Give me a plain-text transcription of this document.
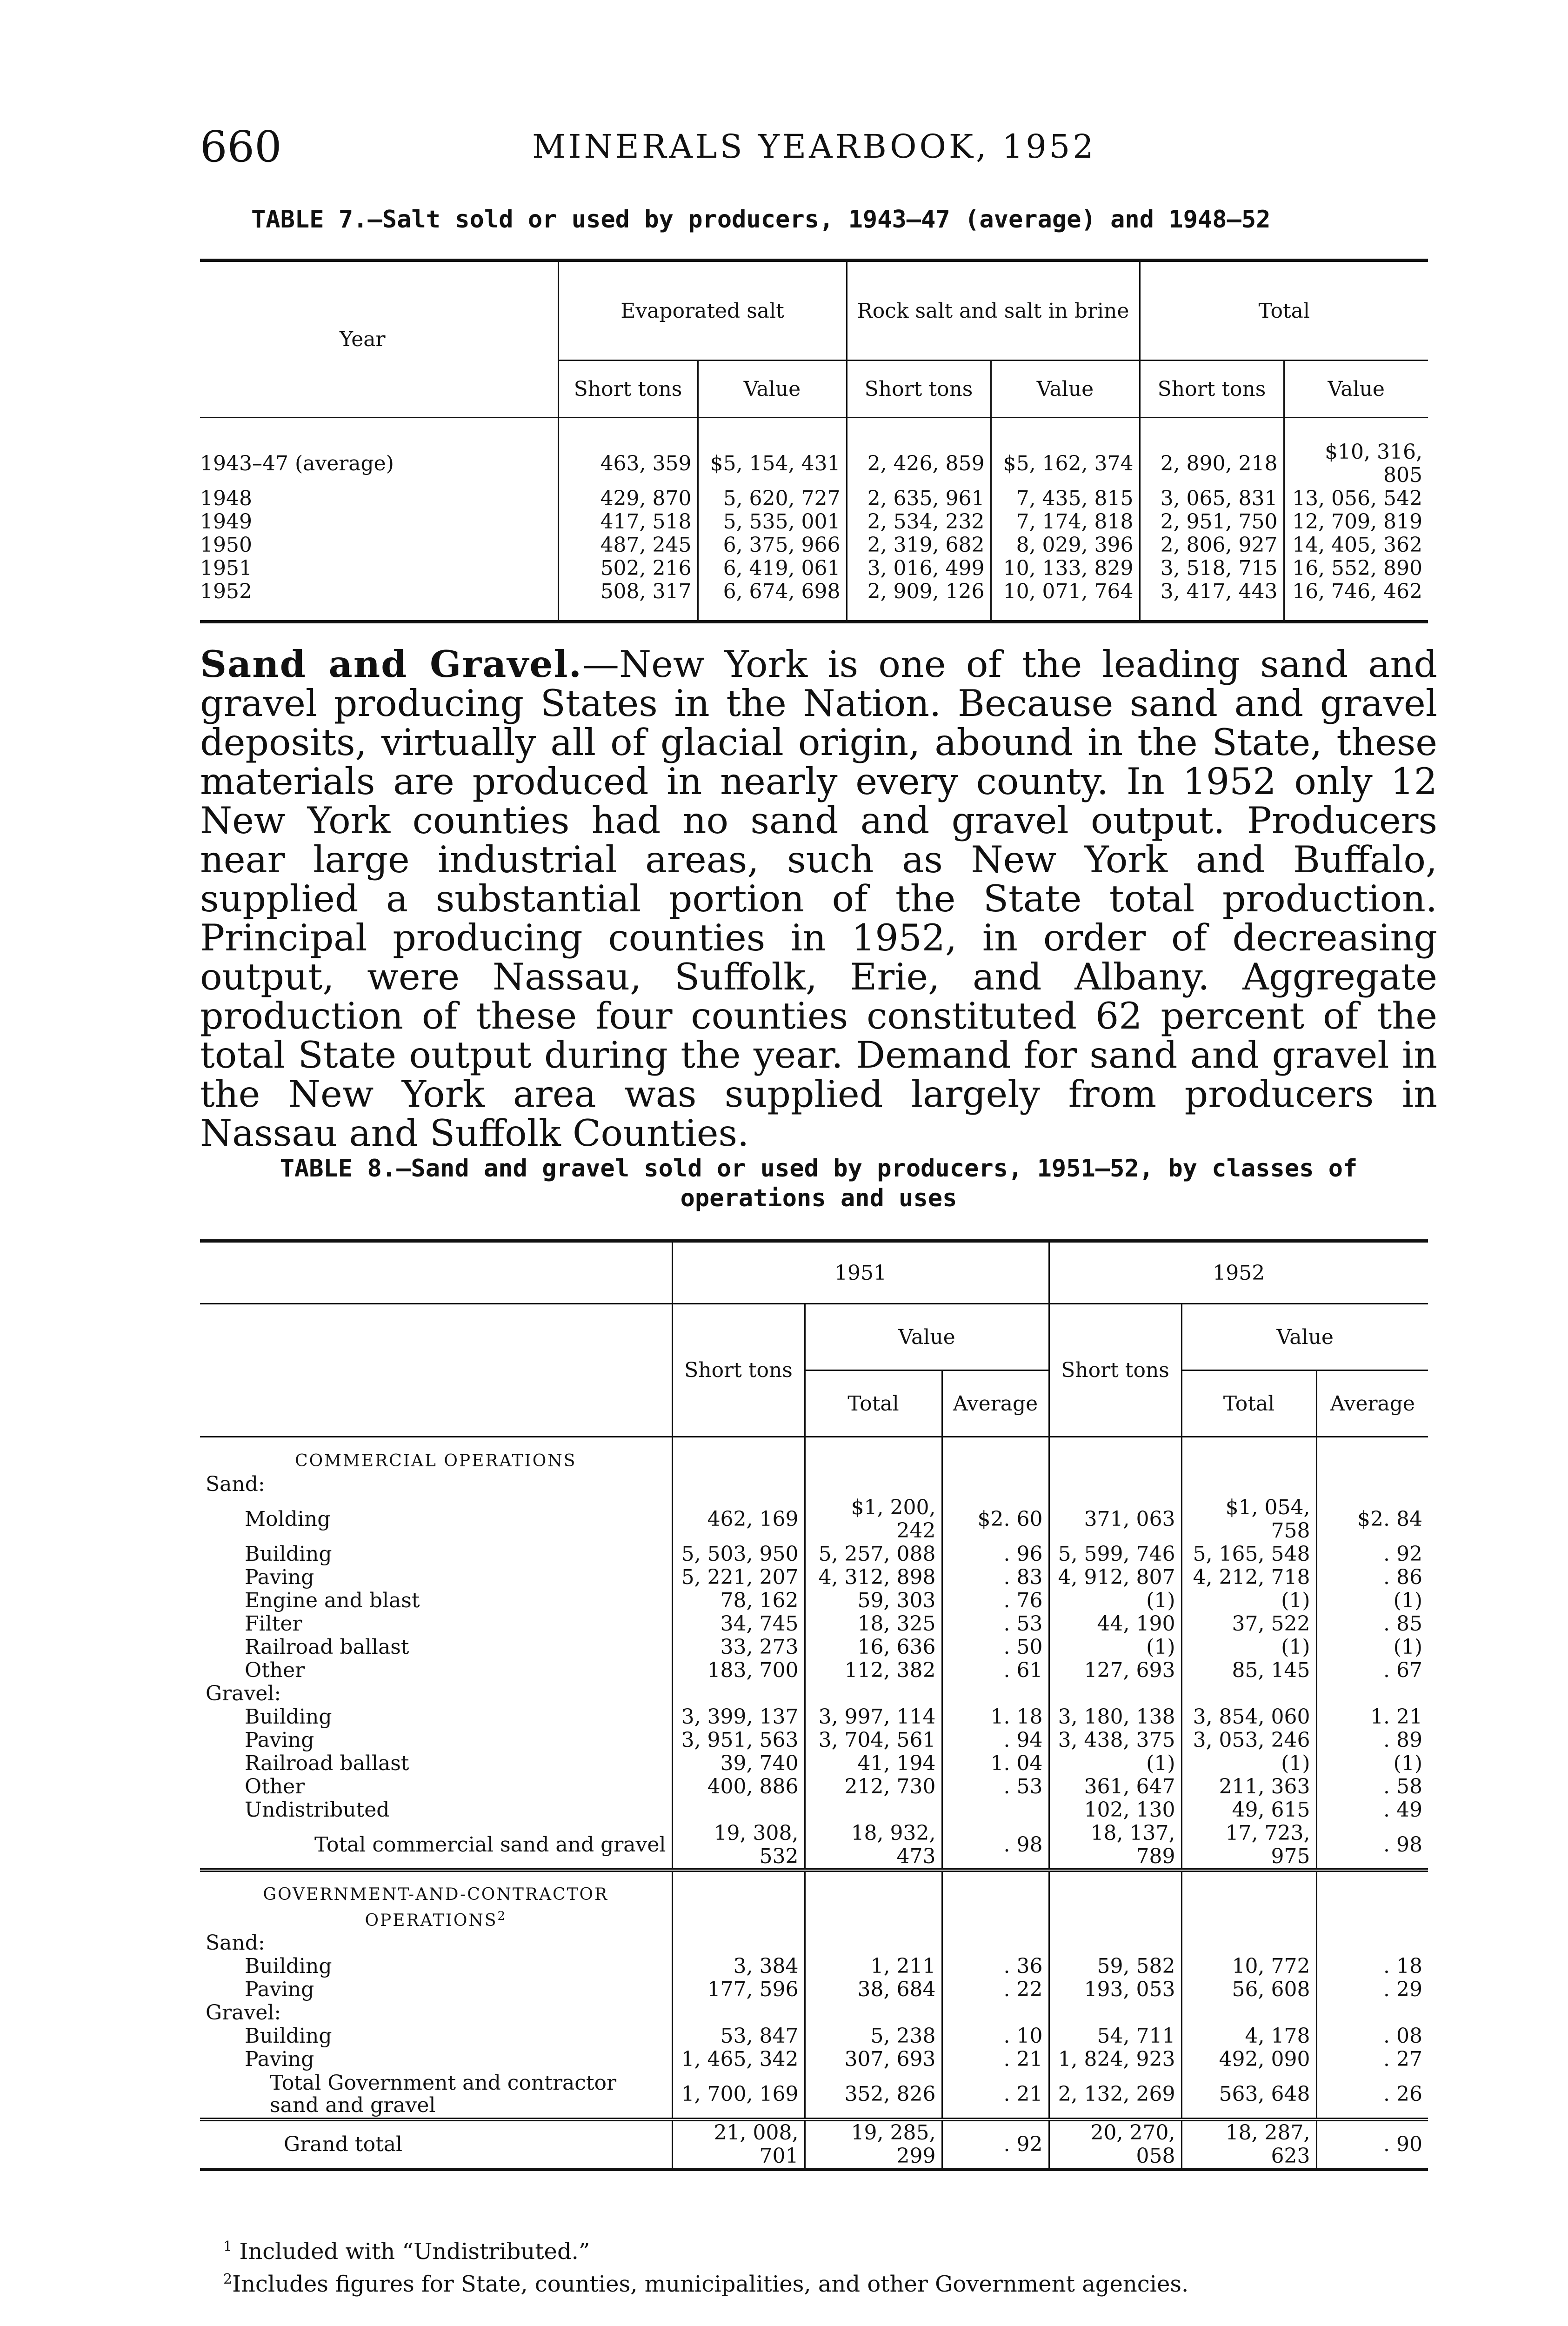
660	MINERALS YEARBOOK, 1952
TABLE 7.—Salt sold or used by producers, 1943–47 (average) and 1948–52
Year	Evaporated salt		Rock salt and salt in brine		Total	
	Short tons	Value	Short tons	Value	Short tons	Value

1943–47 (average)	463, 359	$5, 154, 431	2, 426, 859	$5, 162, 374	2, 890, 218	$10, 316, 805
1948	429, 870	5, 620, 727	2, 635, 961	7, 435, 815	3, 065, 831	13, 056, 542
1949	417, 518	5, 535, 001	2, 534, 232	7, 174, 818	2, 951, 750	12, 709, 819
1950	487, 245	6, 375, 966	2, 319, 682	8, 029, 396	2, 806, 927	14, 405, 362
1951	502, 216	6, 419, 061	3, 016, 499	10, 133, 829	3, 518, 715	16, 552, 890
1952	508, 317	6, 674, 698	2, 909, 126	10, 071, 764	3, 417, 443	16, 746, 462

Sand and Gravel.—New York is one of the leading sand and gravel producing States in the Nation. Because sand and gravel deposits, virtually all of glacial origin, abound in the State, these materials are produced in nearly every county. In 1952 only 12 New York counties had no sand and gravel output. Producers near large industrial areas, such as New York and Buffalo, supplied a substantial portion of the State total production. Principal producing counties in 1952, in order of decreasing output, were Nassau, Suffolk, Erie, and Albany. Aggregate production of these four counties constituted 62 percent of the total State output during the year. Demand for sand and gravel in the New York area was supplied largely from producers in Nassau and Suffolk Counties.

TABLE 8.—Sand and gravel sold or used by producers, 1951–52, by classes of operations and uses
	1951			1952		
	Short tons	Value		Short tons	Value	
		Total	Average		Total	Average

COMMERCIAL OPERATIONS						
Sand:						
Molding	462, 169	$1, 200, 242	$2. 60	371, 063	$1, 054, 758	$2. 84
Building	5, 503, 950	5, 257, 088	. 96	5, 599, 746	5, 165, 548	. 92
Paving	5, 221, 207	4, 312, 898	. 83	4, 912, 807	4, 212, 718	. 86
Engine and blast	78, 162	59, 303	. 76	(1)	(1)	(1)
Filter	34, 745	18, 325	. 53	44, 190	37, 522	. 85
Railroad ballast	33, 273	16, 636	. 50	(1)	(1)	(1)
Other	183, 700	112, 382	. 61	127, 693	85, 145	. 67
Gravel:						
Building	3, 399, 137	3, 997, 114	1. 18	3, 180, 138	3, 854, 060	1. 21
Paving	3, 951, 563	3, 704, 561	. 94	3, 438, 375	3, 053, 246	. 89
Railroad ballast	39, 740	41, 194	1. 04	(1)	(1)	(1)
Other	400, 886	212, 730	. 53	361, 647	211, 363	. 58
Undistributed				102, 130	49, 615	. 49
Total commercial sand and gravel	19, 308, 532	18, 932, 473	. 98	18, 137, 789	17, 723, 975	. 98

GOVERNMENT-AND-CONTRACTOR OPERATIONS$^2$						
Sand:						
Building	3, 384	1, 211	. 36	59, 582	10, 772	. 18
Paving	177, 596	38, 684	. 22	193, 053	56, 608	. 29
Gravel:						
Building	53, 847	5, 238	. 10	54, 711	4, 178	. 08
Paving	1, 465, 342	307, 693	. 21	1, 824, 923	492, 090	. 27
Total Government and contractor sand and gravel	1, 700, 169	352, 826	. 21	2, 132, 269	563, 648	. 26
Grand total	21, 008, 701	19, 285, 299	. 92	20, 270, 058	18, 287, 623	. 90
$^1$ Included with “Undistributed.”
$^2$Includes figures for State, counties, municipalities, and other Government agencies.
